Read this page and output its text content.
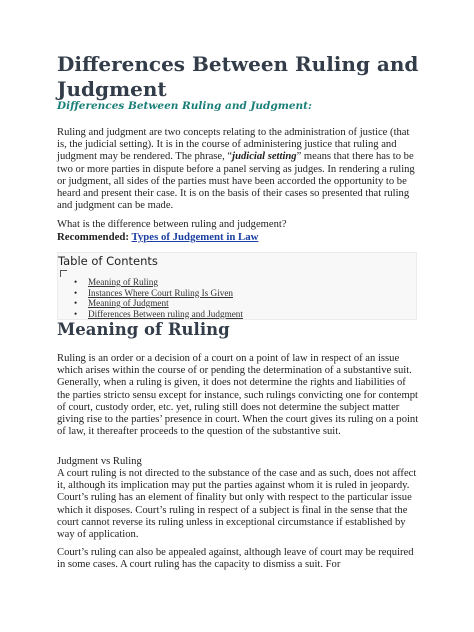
Differences Between Ruling and Judgment

Differences Between Ruling and Judgment:

Ruling and judgment are two concepts relating to the administration of justice (that is, the judicial setting). It is in the course of administering justice that ruling and judgment may be rendered. The phrase, “judicial setting” means that there has to be two or more parties in dispute before a panel serving as judges. In rendering a ruling or judgment, all sides of the parties must have been accorded the opportunity to be heard and present their case. It is on the basis of their cases so presented that ruling and judgment can be made.

What is the difference between ruling and judgement?
Recommended: Types of Judgement in Law
Table of Contents
• Meaning of Ruling
• Instances Where Court Ruling Is Given
• Meaning of Judgment
• Differences Between ruling and Judgment
Meaning of Ruling

Ruling is an order or a decision of a court on a point of law in respect of an issue which arises within the course of or pending the determination of a substantive suit. Generally, when a ruling is given, it does not determine the rights and liabilities of the parties stricto sensu except for instance, such rulings convicting one for contempt of court, custody order, etc. yet, ruling still does not determine the subject matter giving rise to the parties’ presence in court. When the court gives its ruling on a point of law, it thereafter proceeds to the question of the substantive suit.

Judgment vs Ruling

A court ruling is not directed to the substance of the case and as such, does not affect it, although its implication may put the parties against whom it is ruled in jeopardy. Court’s ruling has an element of finality but only with respect to the particular issue which it disposes. Court’s ruling in respect of a subject is final in the sense that the court cannot reverse its ruling unless in exceptional circumstance if established by way of application.

Court’s ruling can also be appealed against, although leave of court may be required in some cases. A court ruling has the capacity to dismiss a suit. For
